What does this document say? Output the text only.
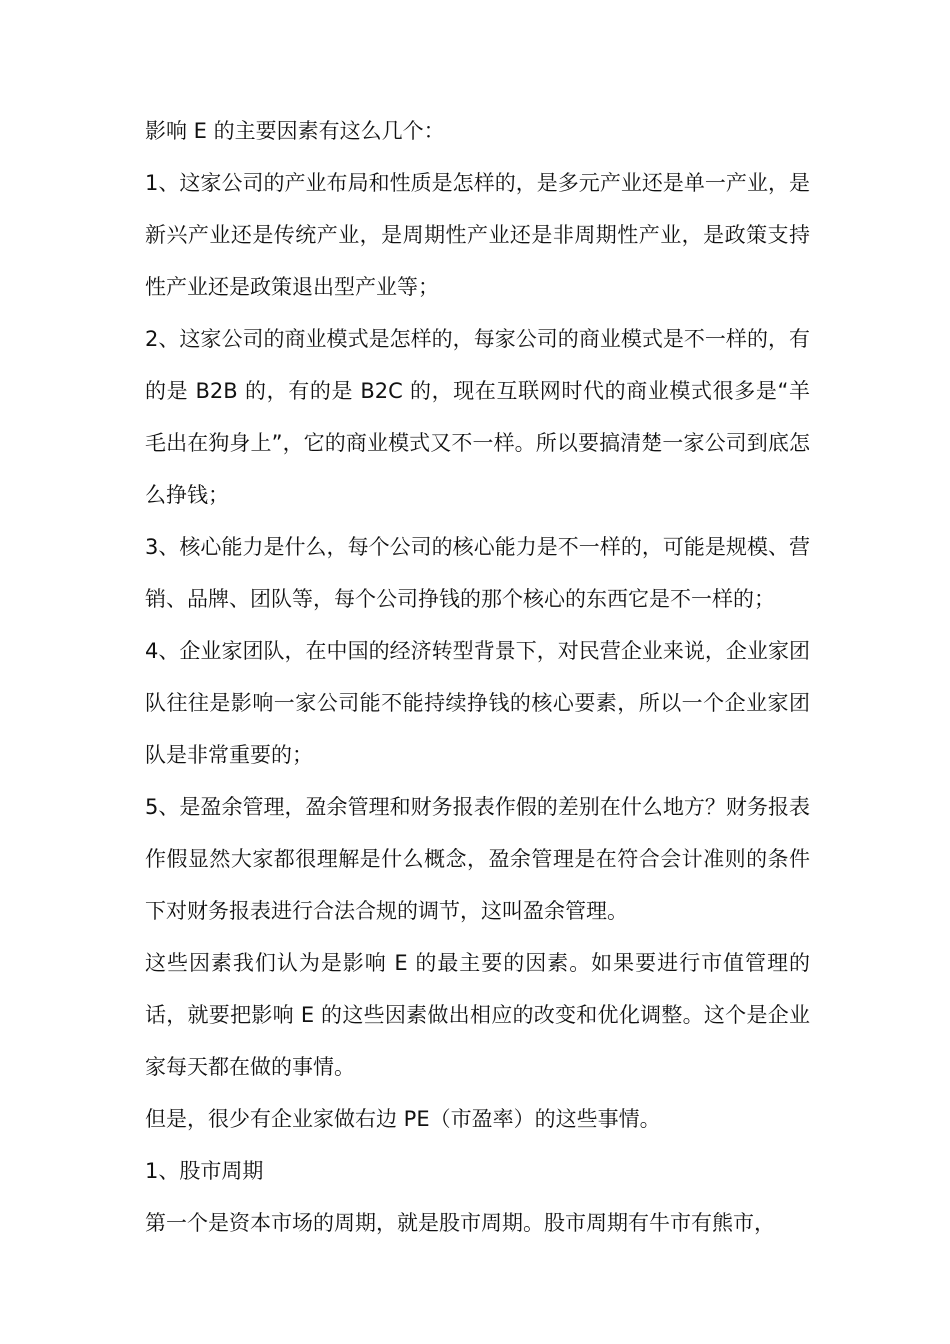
影响 E 的主要因素有这么几个：

1、这家公司的产业布局和性质是怎样的，是多元产业还是单一产业，是新兴产业还是传统产业，是周期性产业还是非周期性产业，是政策支持性产业还是政策退出型产业等；

2、这家公司的商业模式是怎样的，每家公司的商业模式是不一样的，有的是 B2B 的，有的是 B2C 的，现在互联网时代的商业模式很多是“羊毛出在狗身上”，它的商业模式又不一样。所以要搞清楚一家公司到底怎么挣钱；

3、核心能力是什么，每个公司的核心能力是不一样的，可能是规模、营销、品牌、团队等，每个公司挣钱的那个核心的东西它是不一样的；

4、企业家团队，在中国的经济转型背景下，对民营企业来说，企业家团队往往是影响一家公司能不能持续挣钱的核心要素，所以一个企业家团队是非常重要的；

5、是盈余管理，盈余管理和财务报表作假的差别在什么地方？财务报表作假显然大家都很理解是什么概念，盈余管理是在符合会计准则的条件下对财务报表进行合法合规的调节，这叫盈余管理。

这些因素我们认为是影响 E 的最主要的因素。如果要进行市值管理的话，就要把影响 E 的这些因素做出相应的改变和优化调整。这个是企业家每天都在做的事情。

但是，很少有企业家做右边 PE（市盈率）的这些事情。

1、股市周期

第一个是资本市场的周期，就是股市周期。股市周期有牛市有熊市，
